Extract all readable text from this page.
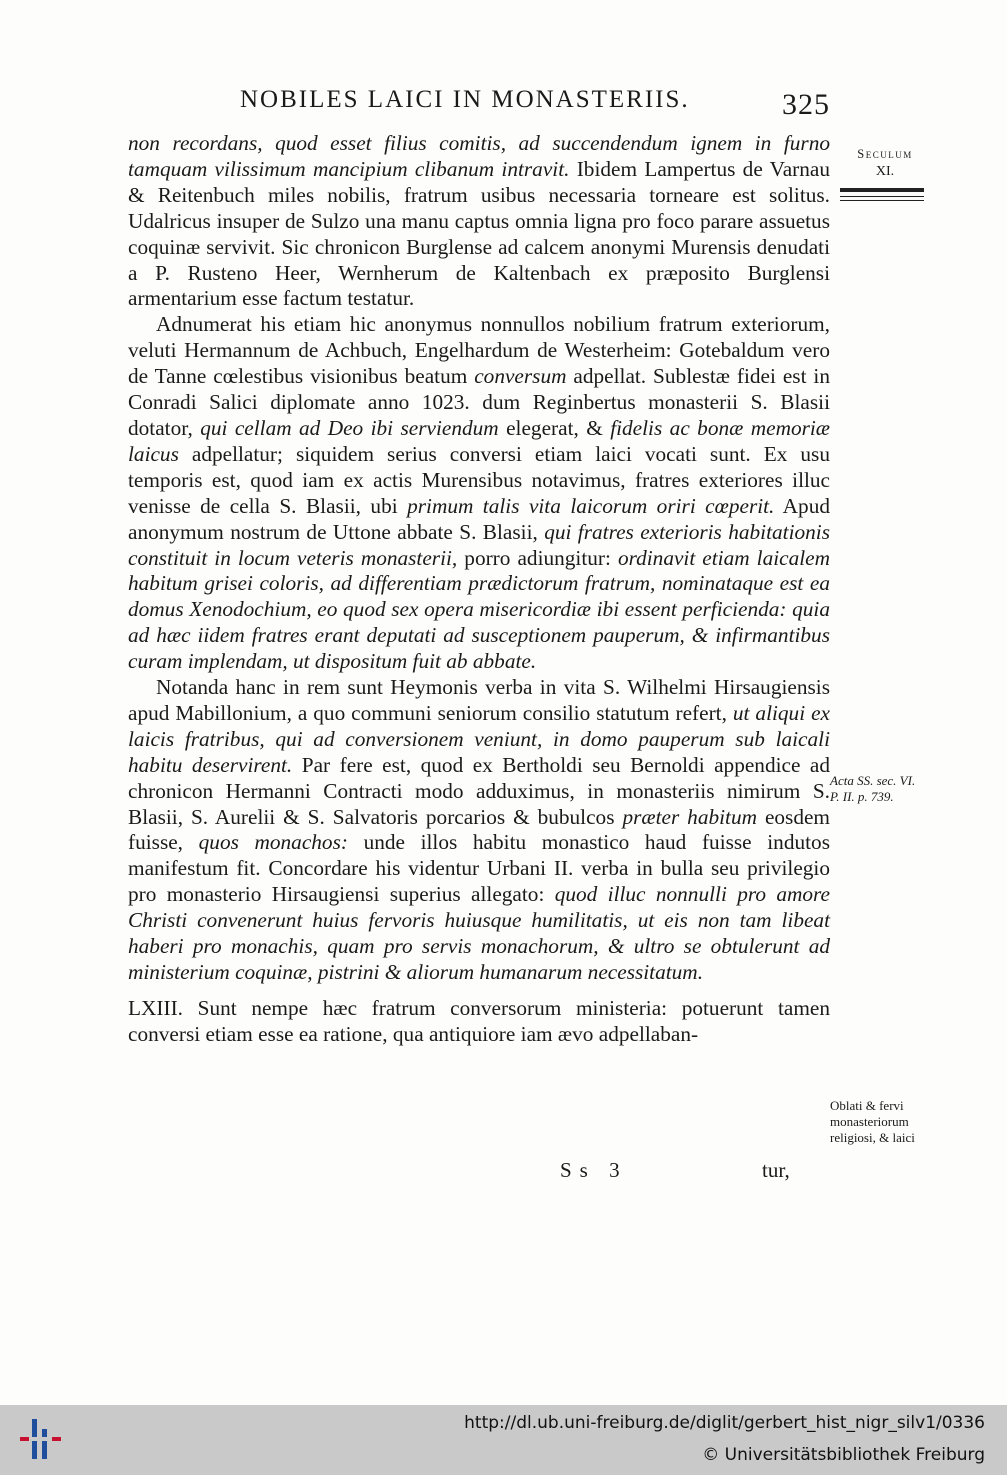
NOBILES LAICI IN MONASTERIIS.	325
Seculum
XI.

non recordans, quod esset filius comitis, ad succendendum ignem in furno tamquam vilissimum mancipium clibanum intravit. Ibidem Lampertus de Varnau & Reitenbuch miles nobilis, fratrum usibus necessaria torneare est solitus. Udalricus insuper de Sulzo una manu captus omnia ligna pro foco parare assuetus coquinæ servivit. Sic chronicon Burglense ad calcem anonymi Murensis denudati a P. Rusteno Heer, Wernherum de Kaltenbach ex præposito Burglensi armentarium esse factum testatur.

Adnumerat his etiam hic anonymus nonnullos nobilium fratrum exteriorum, veluti Hermannum de Achbuch, Engelhardum de Westerheim: Gotebaldum vero de Tanne cœlestibus visionibus beatum conversum adpellat. Sublestæ fidei est in Conradi Salici diplomate anno 1023. dum Reginbertus monasterii S. Blasii dotator, qui cellam ad Deo ibi serviendum elegerat, & fidelis ac bonæ memoriæ laicus adpellatur; siquidem serius conversi etiam laici vocati sunt. Ex usu temporis est, quod iam ex actis Murensibus notavimus, fratres exteriores illuc venisse de cella S. Blasii, ubi primum talis vita laicorum oriri cœperit. Apud anonymum nostrum de Uttone abbate S. Blasii, qui fratres exterioris habitationis constituit in locum veteris monasterii, porro adiungitur: ordinavit etiam laicalem habitum grisei coloris, ad differentiam prædictorum fratrum, nominataque est ea domus Xenodochium, eo quod sex opera misericordiæ ibi essent perficienda: quia ad hæc iidem fratres erant deputati ad susceptionem pauperum, & infirmantibus curam implendam, ut dispositum fuit ab abbate.

Notanda hanc in rem sunt Heymonis verba in vita S. Wilhelmi Hirsaugiensis apud Mabillonium, a quo communi seniorum consilio statutum refert, ut aliqui ex laicis fratribus, qui ad conversionem veniunt, in domo pauperum sub laicali habitu deservirent. Par fere est, quod ex Bertholdi seu Bernoldi appendice ad chronicon Hermanni Contracti modo adduximus, in monasteriis nimirum S. Blasii, S. Aurelii & S. Salvatoris porcarios & bubulcos præter habitum eosdem fuisse, quos monachos: unde illos habitu monastico haud fuisse indutos manifestum fit. Concordare his videntur Urbani II. verba in bulla seu privilegio pro monasterio Hirsaugiensi superius allegato: quod illuc nonnulli pro amore Christi convenerunt huius fervoris huiusque humilitatis, ut eis non tam libeat haberi pro monachis, quam pro servis monachorum, & ultro se obtulerunt ad ministerium coquinæ, pistrini & aliorum humanarum necessitatum.

LXIII. Sunt nempe hæc fratrum conversorum ministeria: potuerunt tamen conversi etiam esse ea ratione, qua antiquiore iam ævo adpellaban-

Acta SS. sec. VI. P. II. p. 739.
Oblati & fervi monasteriorum religiosi, & laici
Ss 3	tur,
http://dl.ub.uni-freiburg.de/diglit/gerbert_hist_nigr_silv1/0336
© Universitätsbibliothek Freiburg
